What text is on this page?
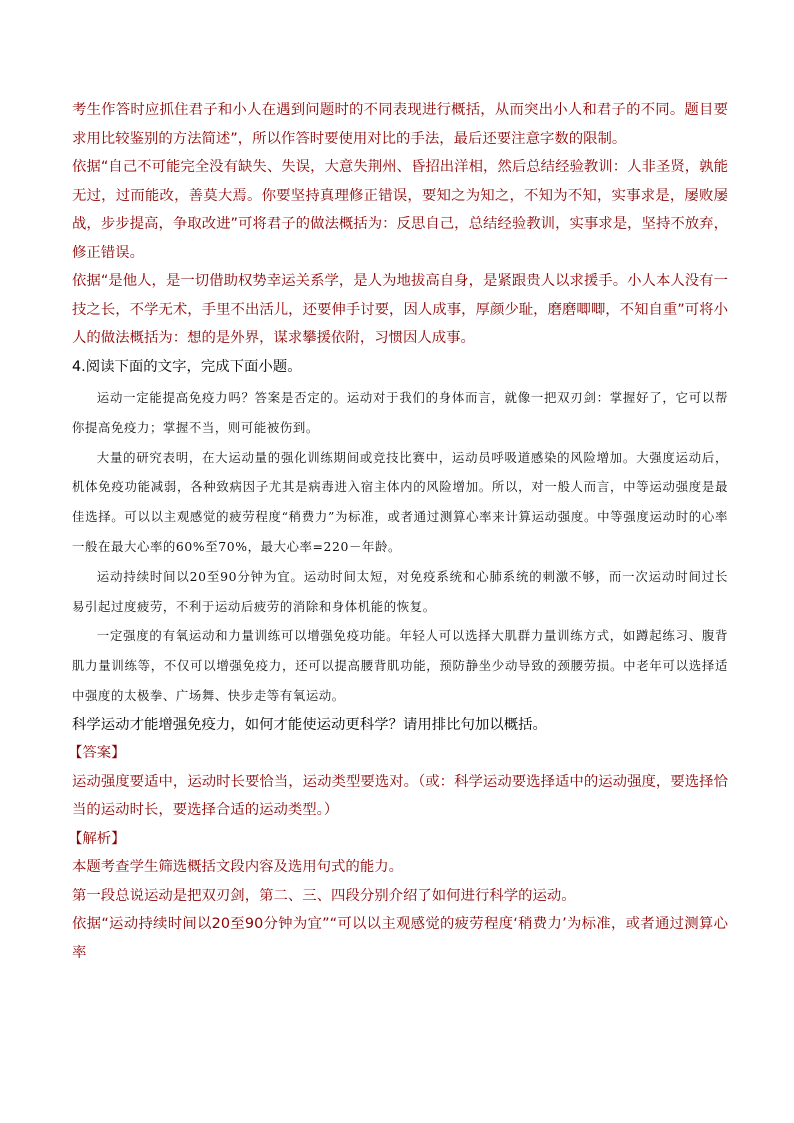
考生作答时应抓住君子和小人在遇到问题时的不同表现进行概括，从而突出小人和君子的不同。题目要求用比较鉴别的方法简述”，所以作答时要使用对比的手法，最后还要注意字数的限制。

依据“自己不可能完全没有缺失、失误，大意失荆州、昏招出洋相，然后总结经验教训：人非圣贤，孰能无过，过而能改，善莫大焉。你要坚持真理修正错误，要知之为知之，不知为不知，实事求是，屡败屡战，步步提高，争取改进”可将君子的做法概括为：反思自己，总结经验教训，实事求是，坚持不放弃，修正错误。

依据“是他人，是一切借助权势幸运关系学，是人为地拔高自身，是紧跟贵人以求援手。小人本人没有一技之长，不学无术，手里不出活儿，还要伸手讨要，因人成事，厚颜少耻，磨磨唧唧，不知自重”可将小人的做法概括为：想的是外界，谋求攀援依附，习惯因人成事。

4.阅读下面的文字，完成下面小题。

运动一定能提高免疫力吗？答案是否定的。运动对于我们的身体而言，就像一把双刃剑：掌握好了，它可以帮你提高免疫力；掌握不当，则可能被伤到。

大量的研究表明，在大运动量的强化训练期间或竞技比赛中，运动员呼吸道感染的风险增加。大强度运动后，机体免疫功能减弱，各种致病因子尤其是病毒进入宿主体内的风险增加。所以，对一般人而言，中等运动强度是最佳选择。可以以主观感觉的疲劳程度“稍费力”为标准，或者通过测算心率来计算运动强度。中等强度运动时的心率一般在最大心率的60%至70%，最大心率=220－年龄。

运动持续时间以20至90分钟为宜。运动时间太短，对免疫系统和心肺系统的刺激不够，而一次运动时间过长易引起过度疲劳，不利于运动后疲劳的消除和身体机能的恢复。

一定强度的有氧运动和力量训练可以增强免疫功能。年轻人可以选择大肌群力量训练方式，如蹲起练习、腹背肌力量训练等，不仅可以增强免疫力，还可以提高腰背肌功能，预防静坐少动导致的颈腰劳损。中老年可以选择适中强度的太极拳、广场舞、快步走等有氧运动。

科学运动才能增强免疫力，如何才能使运动更科学？请用排比句加以概括。

【答案】

运动强度要适中，运动时长要恰当，运动类型要选对。（或：科学运动要选择适中的运动强度，要选择恰当的运动时长，要选择合适的运动类型。）

【解析】

本题考查学生筛选概括文段内容及选用句式的能力。

第一段总说运动是把双刃剑，第二、三、四段分别介绍了如何进行科学的运动。

依据“运动持续时间以20至90分钟为宜”“可以以主观感觉的疲劳程度‘稍费力’为标准，或者通过测算心率
